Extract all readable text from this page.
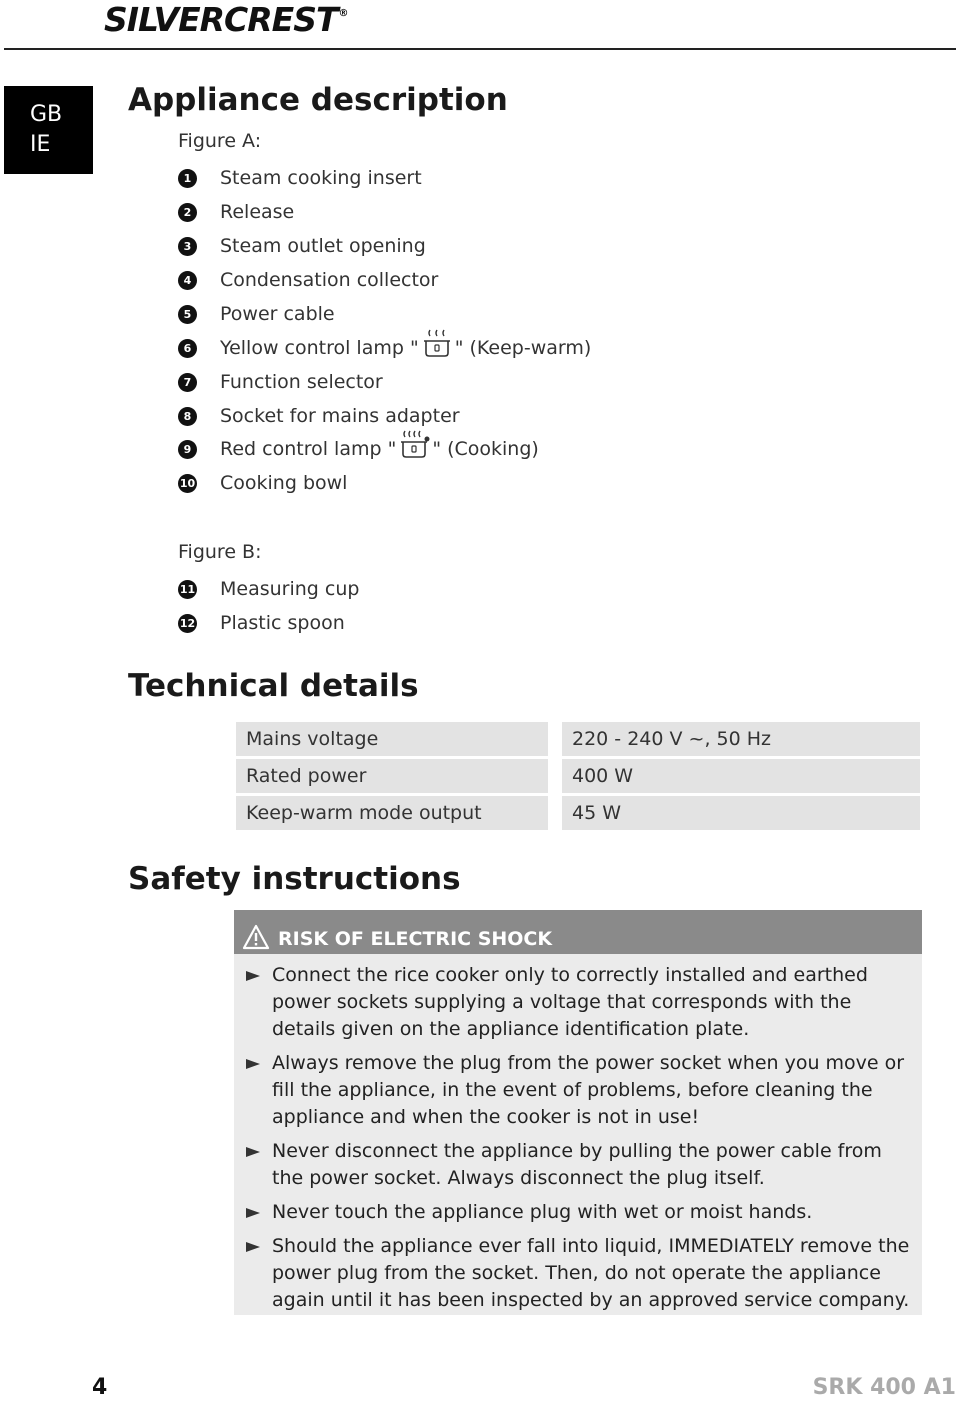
SILVERCREST®
GB
IE
Appliance description
Figure A:
1 Steam cooking insert
2 Release
3 Steam outlet opening
4 Condensation collector
5 Power cable
6 Yellow control lamp " " (Keep-warm)
7 Function selector
8 Socket for mains adapter
9 Red control lamp " " (Cooking)
10 Cooking bowl
Figure B:
11 Measuring cup
12 Plastic spoon
Technical details
Mains voltage	220 - 240 V ~, 50 Hz
Rated power	400 W
Keep-warm mode output	45 W
Safety instructions
RISK OF ELECTRIC SHOCK
Connect the rice cooker only to correctly installed and earthed power sockets supplying a voltage that corresponds with the details given on the appliance identification plate.
Always remove the plug from the power socket when you move or fill the appliance, in the event of problems, before cleaning the appliance and when the cooker is not in use!
Never disconnect the appliance by pulling the power cable from the power socket. Always disconnect the plug itself.
Never touch the appliance plug with wet or moist hands.
Should the appliance ever fall into liquid, IMMEDIATELY remove the power plug from the socket. Then, do not operate the appliance again until it has been inspected by an approved service company.
4	SRK 400 A1
